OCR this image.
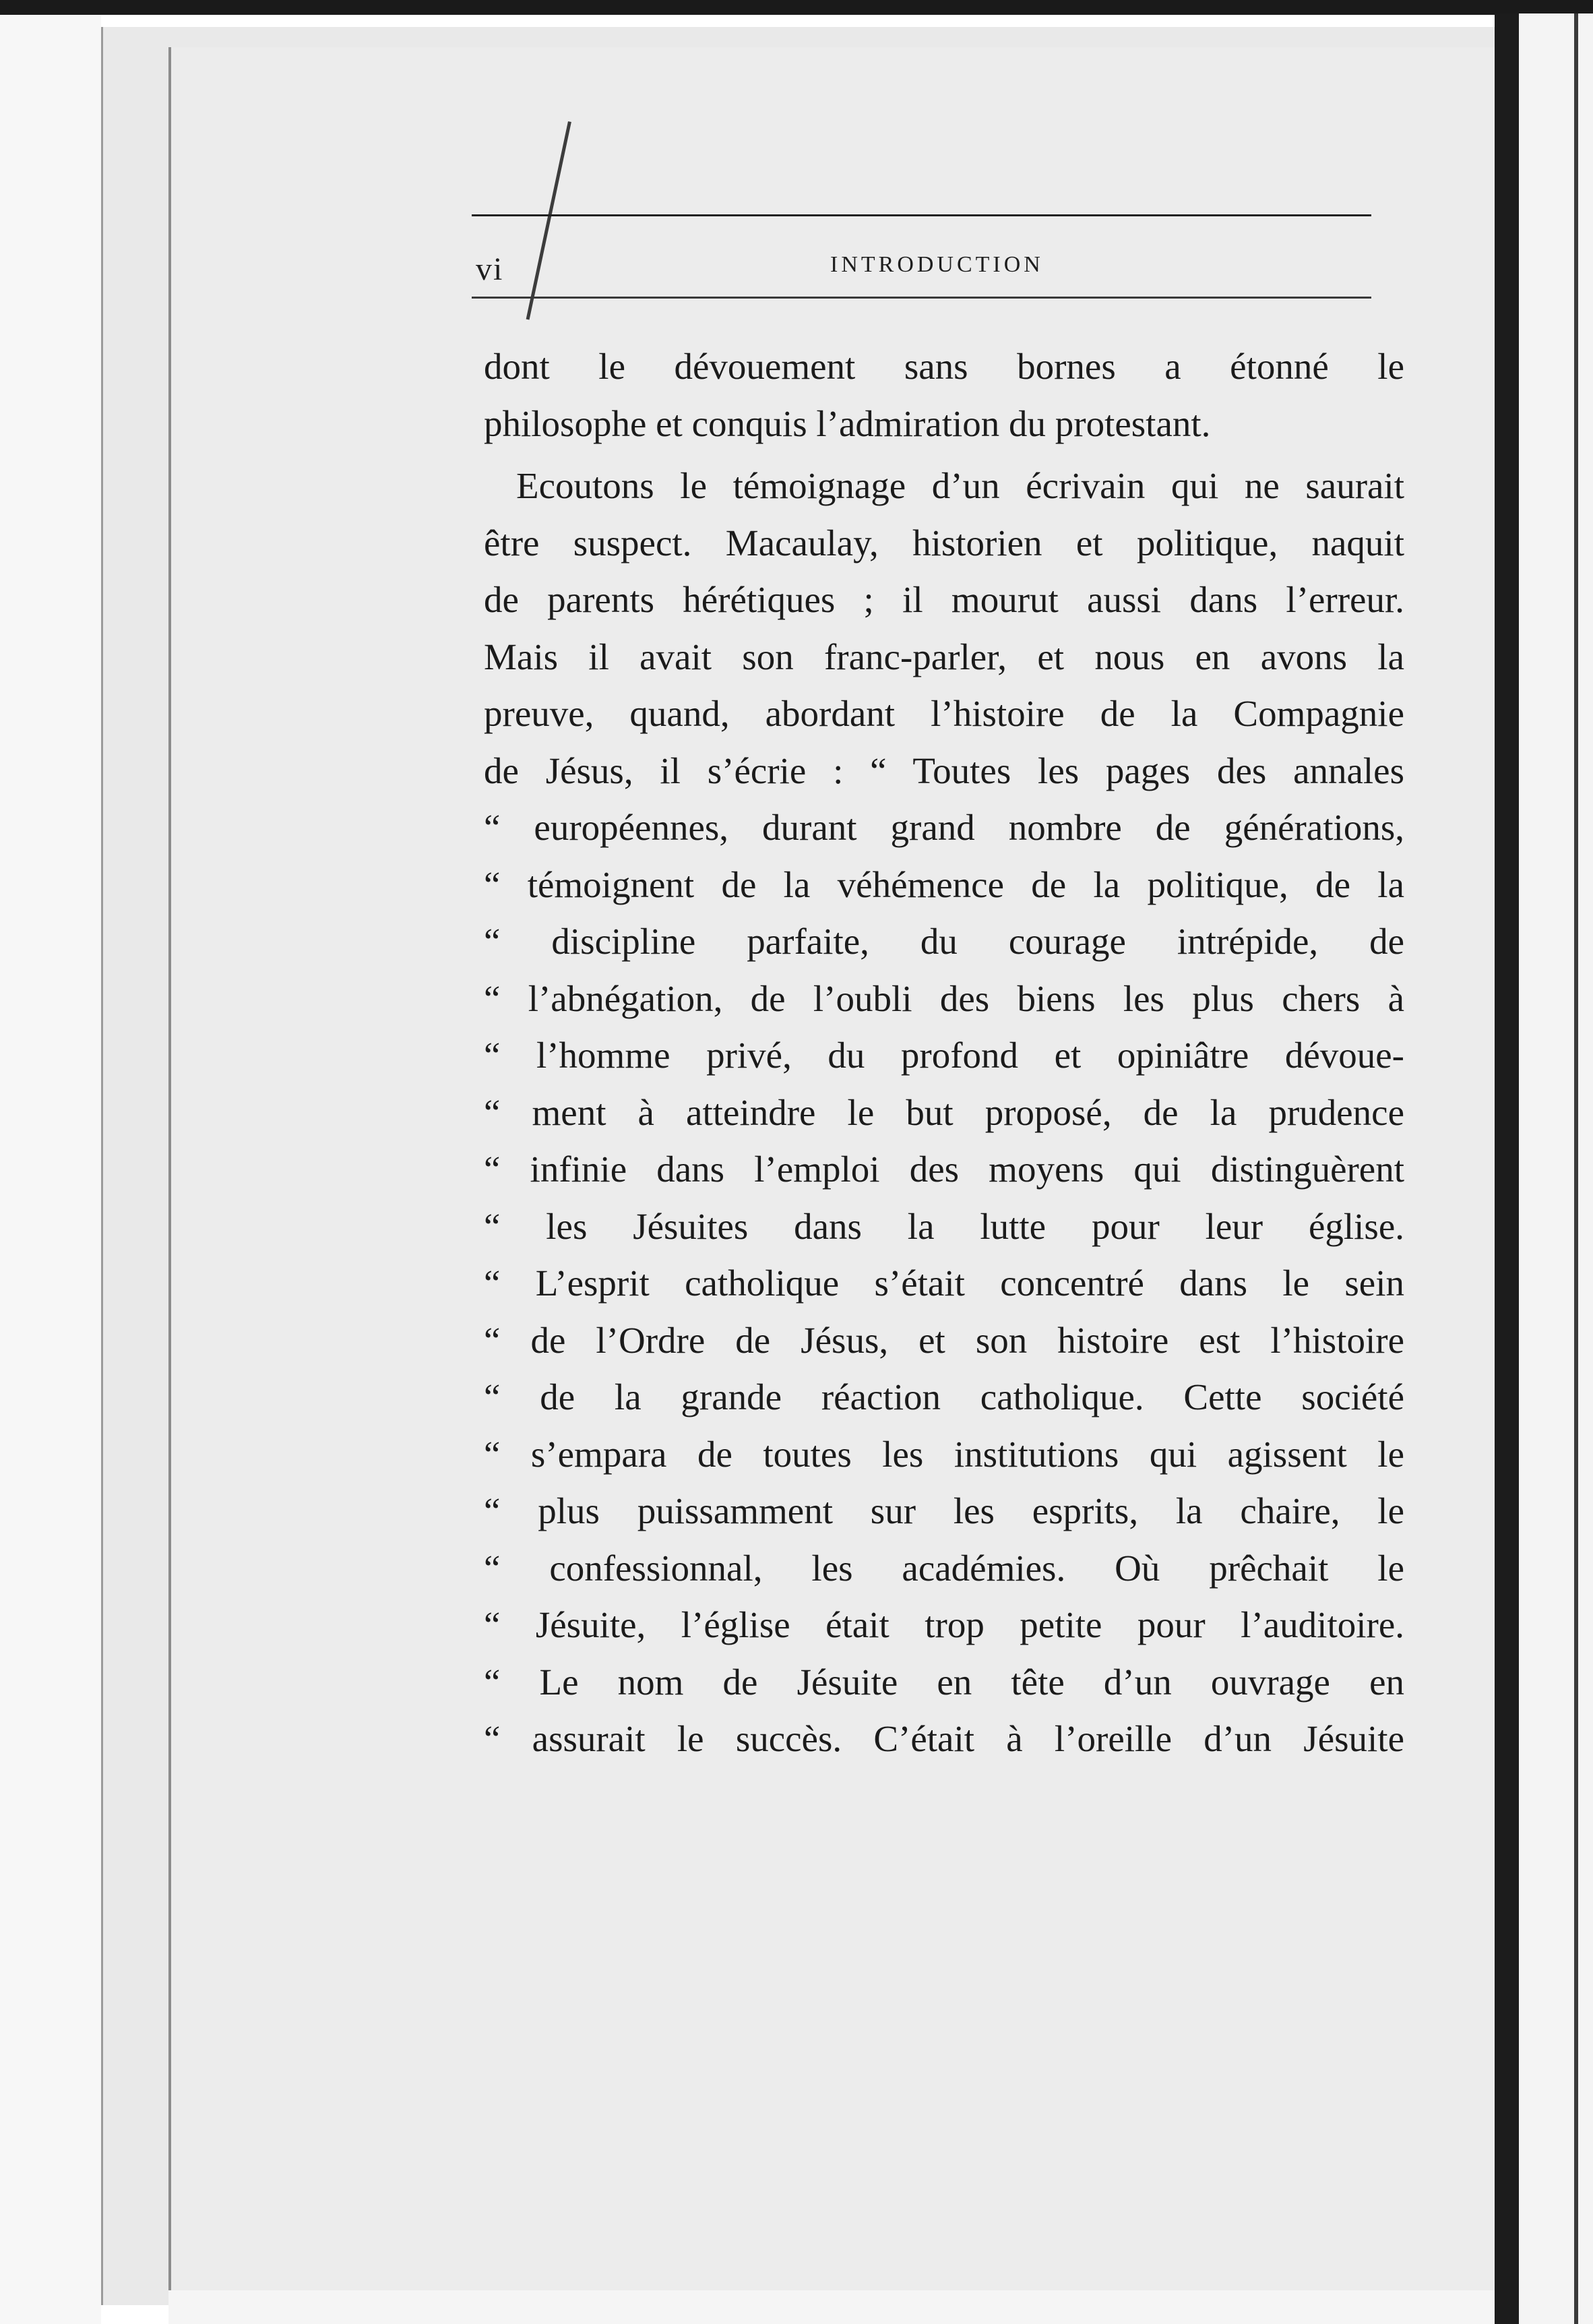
vi	INTRODUCTION
dont le dévouement sans bornes a étonné le
philosophe et conquis l’admiration du protestant.
Ecoutons le témoignage d’un écrivain qui ne saurait
être suspect. Macaulay, historien et politique, naquit
de parents hérétiques ; il mourut aussi dans l’erreur.
Mais il avait son franc-parler, et nous en avons la
preuve, quand, abordant l’histoire de la Compagnie
de Jésus, il s’écrie : “ Toutes les pages des annales
“ européennes, durant grand nombre de générations,
“ témoignent de la véhémence de la politique, de la
“ discipline parfaite, du courage intrépide, de
“ l’abnégation, de l’oubli des biens les plus chers à
“ l’homme privé, du profond et opiniâtre dévoue-
“ ment à atteindre le but proposé, de la prudence
“ infinie dans l’emploi des moyens qui distinguèrent
“ les Jésuites dans la lutte pour leur église.
“ L’esprit catholique s’était concentré dans le sein
“ de l’Ordre de Jésus, et son histoire est l’histoire
“ de la grande réaction catholique. Cette société
“ s’empara de toutes les institutions qui agissent le
“ plus puissamment sur les esprits, la chaire, le
“ confessionnal, les académies. Où prêchait le
“ Jésuite, l’église était trop petite pour l’auditoire.
“ Le nom de Jésuite en tête d’un ouvrage en
“ assurait le succès. C’était à l’oreille d’un Jésuite
